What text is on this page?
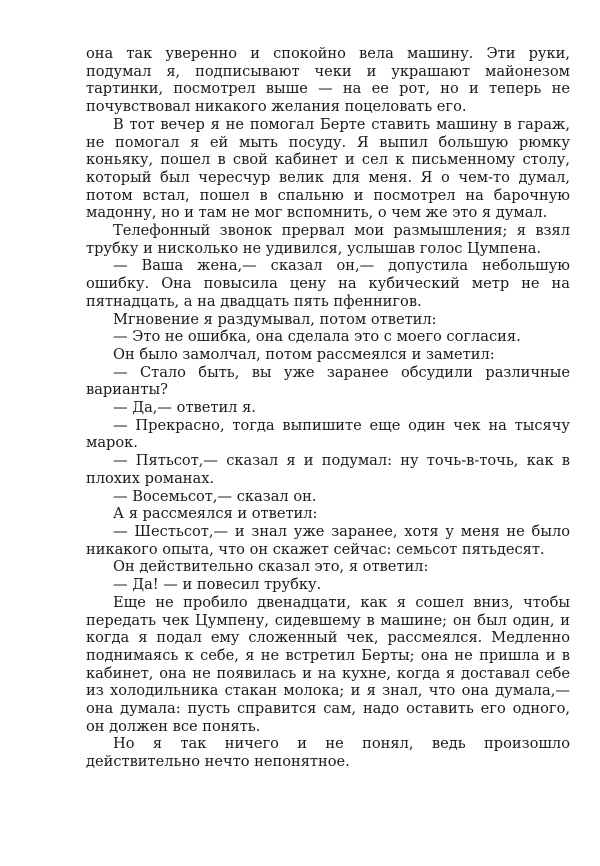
она так уверенно и спокойно вела машину. Эти руки, подумал я, подписывают чеки и украшают майонезом тартинки, посмотрел выше — на ее рот, но и теперь не почувствовал никакого желания поцеловать его.

В тот вечер я не помогал Берте ставить машину в гараж, не помогал я ей мыть посуду. Я выпил большую рюмку коньяку, пошел в свой кабинет и сел к письменному столу, который был чересчур велик для меня. Я о чем-то думал, потом встал, пошел в спальню и посмотрел на барочную мадонну, но и там не мог вспомнить, о чем же это я думал.

Телефонный звонок прервал мои размышления; я взял трубку и нисколько не удивился, услышав голос Цумпена.

— Ваша жена,— сказал он,— допустила небольшую ошибку. Она повысила цену на кубический метр не на пятнадцать, а на двадцать пять пфеннигов.

Мгновение я раздумывал, потом ответил:

— Это не ошибка, она сделала это с моего согласия.

Он было замолчал, потом рассмеялся и заметил:

— Стало быть, вы уже заранее обсудили различные варианты?

— Да,— ответил я.

— Прекрасно, тогда выпишите еще один чек на тысячу марок.

— Пятьсот,— сказал я и подумал: ну точь-в-точь, как в плохих романах.

— Восемьсот,— сказал он.

А я рассмеялся и ответил:

— Шестьсот,— и знал уже заранее, хотя у меня не было никакого опыта, что он скажет сейчас: семьсот пятьдесят.

Он действительно сказал это, я ответил:

— Да! — и повесил трубку.

Еще не пробило двенадцати, как я сошел вниз, чтобы передать чек Цумпену, сидевшему в машине; он был один, и когда я подал ему сложенный чек, рассмеялся. Медленно поднимаясь к себе, я не встретил Берты; она не пришла и в кабинет, она не появилась и на кухне, когда я доставал себе из холодильника стакан молока; и я знал, что она думала,— она думала: пусть справится сам, надо оставить его одного, он должен все понять.

Но я так ничего и не понял, ведь произошло действительно нечто непонятное.
